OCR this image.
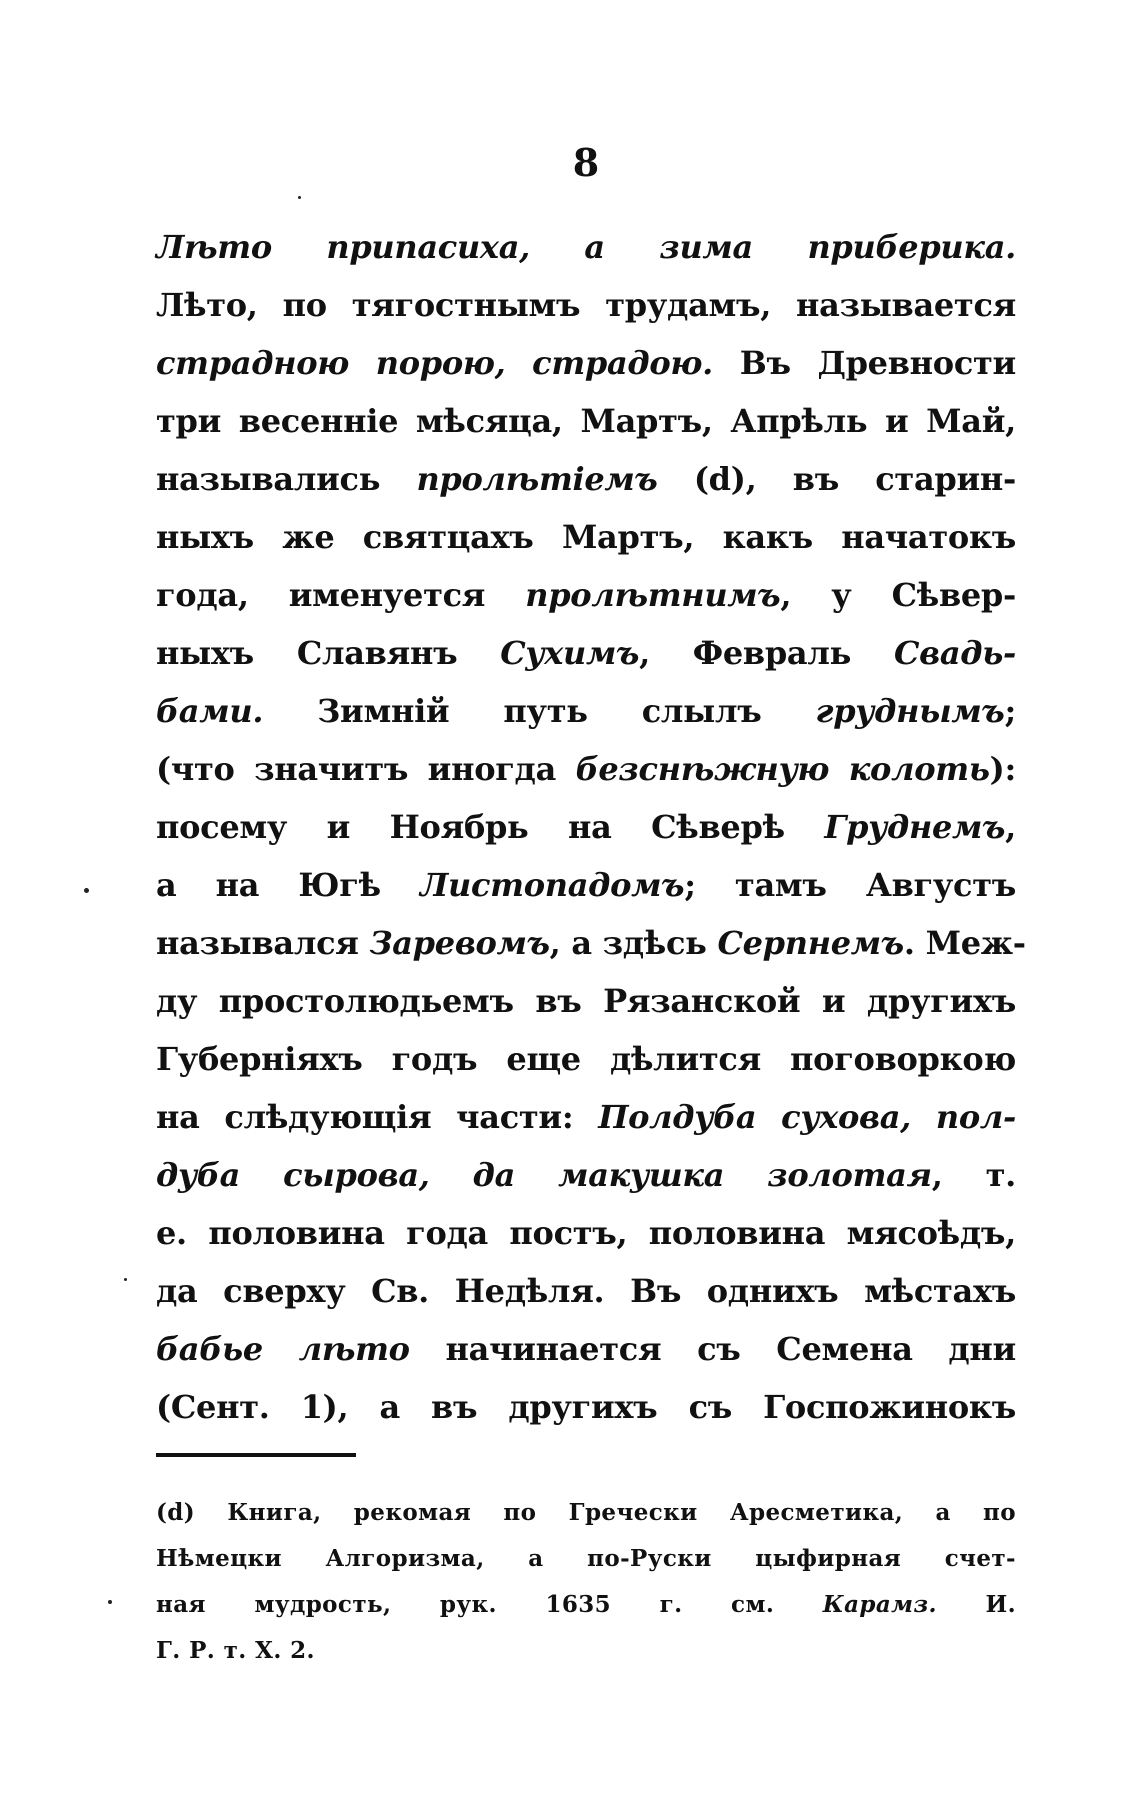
8
Лѣто припасиха, а зима приберика.
Лѣто, по тягостнымъ трудамъ, называется
страдною порою, страдою. Въ Древности
три весенніе мѣсяца, Мартъ, Апрѣль и Май,
назывались пролѣтіемъ (d), въ старин-
ныхъ же святцахъ Мартъ, какъ начатокъ
года, именуется пролѣтнимъ, у Сѣвер-
ныхъ Славянъ Сухимъ, Февраль Свадь-
бами. Зимній путь слылъ груднымъ;
(что значитъ иногда безснѣжную колоть):
посему и Ноябрь на Сѣверѣ Груднемъ,
а на Югѣ Листопадомъ; тамъ Августъ
назывался Заревомъ, а здѣсь Серпнемъ. Меж-
ду простолюдьемъ въ Рязанской и другихъ
Губерніяхъ годъ еще дѣлится поговоркою
на слѣдующія части: Полдуба сухова, пол-
дуба сырова, да макушка золотая, т.
е. половина года постъ, половина мясоѣдъ,
да сверху Св. Недѣля. Въ однихъ мѣстахъ
бабье лѣто начинается съ Семена дни
(Сент. 1), а въ другихъ съ Госпожинокъ
(d) Книга, рекомая по Гречески Аресметика, а по
Нѣмецки Алгоризма, а по-Руски цыфирная счет-
ная мудрость, рук. 1635 г. см. Карамз. И.
Г. Р. т. X. 2.
